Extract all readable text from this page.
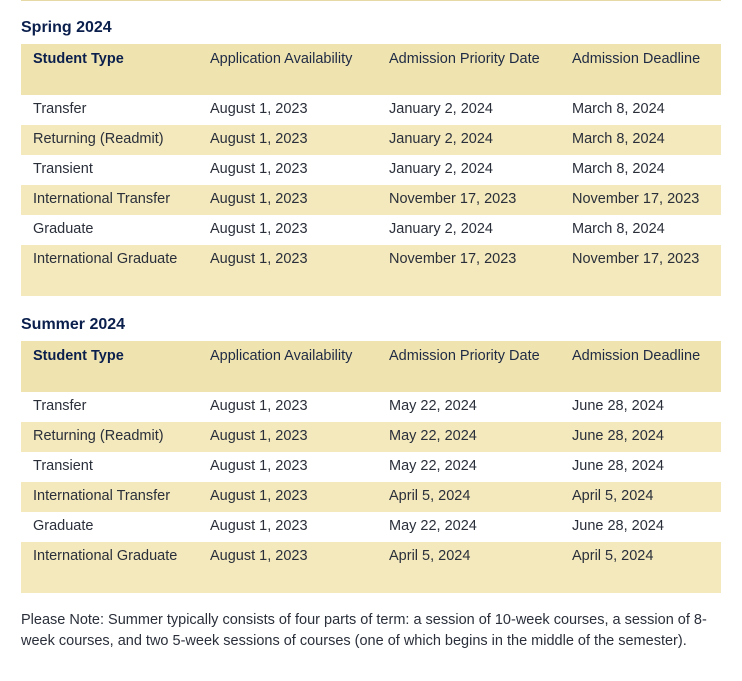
Spring 2024
Student Type	Application Availability	Admission Priority Date	Admission Deadline
Transfer	August 1, 2023	January 2, 2024	March 8, 2024
Returning (Readmit)	August 1, 2023	January 2, 2024	March 8, 2024
Transient	August 1, 2023	January 2, 2024	March 8, 2024
International Transfer	August 1, 2023	November 17, 2023	November 17, 2023
Graduate	August 1, 2023	January 2, 2024	March 8, 2024
International Graduate	August 1, 2023	November 17, 2023	November 17, 2023
Summer 2024
Student Type	Application Availability	Admission Priority Date	Admission Deadline
Transfer	August 1, 2023	May 22, 2024	June 28, 2024
Returning (Readmit)	August 1, 2023	May 22, 2024	June 28, 2024
Transient	August 1, 2023	May 22, 2024	June 28, 2024
International Transfer	August 1, 2023	April 5, 2024	April 5, 2024
Graduate	August 1, 2023	May 22, 2024	June 28, 2024
International Graduate	August 1, 2023	April 5, 2024	April 5, 2024

Please Note: Summer typically consists of four parts of term: a session of 10-week courses, a session of 8-week courses, and two 5-week sessions of courses (one of which begins in the middle of the semester).
